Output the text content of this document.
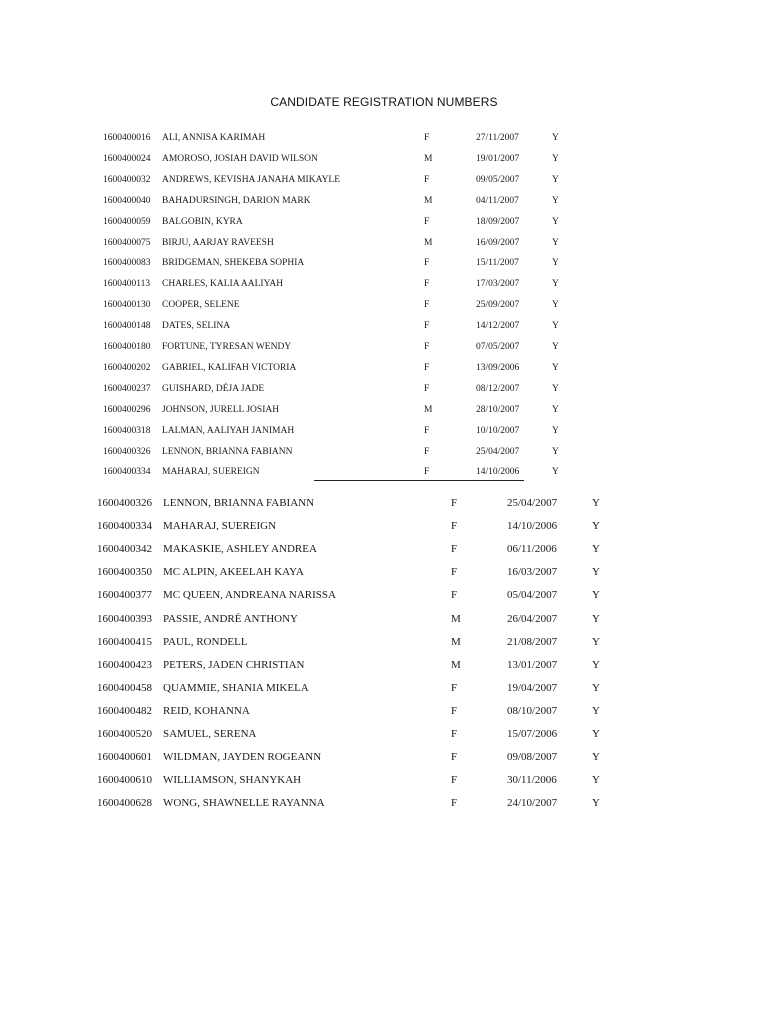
CANDIDATE REGISTRATION NUMBERS
1600400016 ALI, ANNISA KARIMAH	F	27/11/2007	Y
1600400024 AMOROSO, JOSIAH DAVID WILSON	M	19/01/2007	Y
1600400032 ANDREWS, KEVISHA JANAHA MIKAYLE	F	09/05/2007	Y
1600400040 BAHADURSINGH, DARION MARK	M	04/11/2007	Y
1600400059 BALGOBIN, KYRA	F	18/09/2007	Y
1600400075 BIRJU, AARJAY RAVEESH	M	16/09/2007	Y
1600400083 BRIDGEMAN, SHEKEBA SOPHIA	F	15/11/2007	Y
1600400113 CHARLES, KALIA AALIYAH	F	17/03/2007	Y
1600400130 COOPER, SELENE	F	25/09/2007	Y
1600400148 DATES, SELINA	F	14/12/2007	Y
1600400180 FORTUNE, TYRESAN WENDY	F	07/05/2007	Y
1600400202 GABRIEL, KALIFAH VICTORIA	F	13/09/2006	Y
1600400237 GUISHARD, DÉJA JADE	F	08/12/2007	Y
1600400296 JOHNSON, JURELL JOSIAH	M	28/10/2007	Y
1600400318 LALMAN, AALIYAH JANIMAH	F	10/10/2007	Y
1600400326 LENNON, BRIANNA FABIANN	F	25/04/2007	Y
1600400334 MAHARAJ, SUEREIGN	F	14/10/2006	Y
1600400326 LENNON, BRIANNA FABIANN	F	25/04/2007	Y
1600400334 MAHARAJ, SUEREIGN	F	14/10/2006	Y
1600400342 MAKASKIE, ASHLEY ANDREA	F	06/11/2006	Y
1600400350 MC ALPIN, AKEELAH KAYA	F	16/03/2007	Y
1600400377 MC QUEEN, ANDREANA NARISSA	F	05/04/2007	Y
1600400393 PASSIE, ANDRÉ ANTHONY	M	26/04/2007	Y
1600400415 PAUL, RONDELL	M	21/08/2007	Y
1600400423 PETERS, JADEN CHRISTIAN	M	13/01/2007	Y
1600400458 QUAMMIE, SHANIA MIKELA	F	19/04/2007	Y
1600400482 REID, KOHANNA	F	08/10/2007	Y
1600400520 SAMUEL, SERENA	F	15/07/2006	Y
1600400601 WILDMAN, JAYDEN ROGEANN	F	09/08/2007	Y
1600400610 WILLIAMSON, SHANYKAH	F	30/11/2006	Y
1600400628 WONG, SHAWNELLE RAYANNA	F	24/10/2007	Y
